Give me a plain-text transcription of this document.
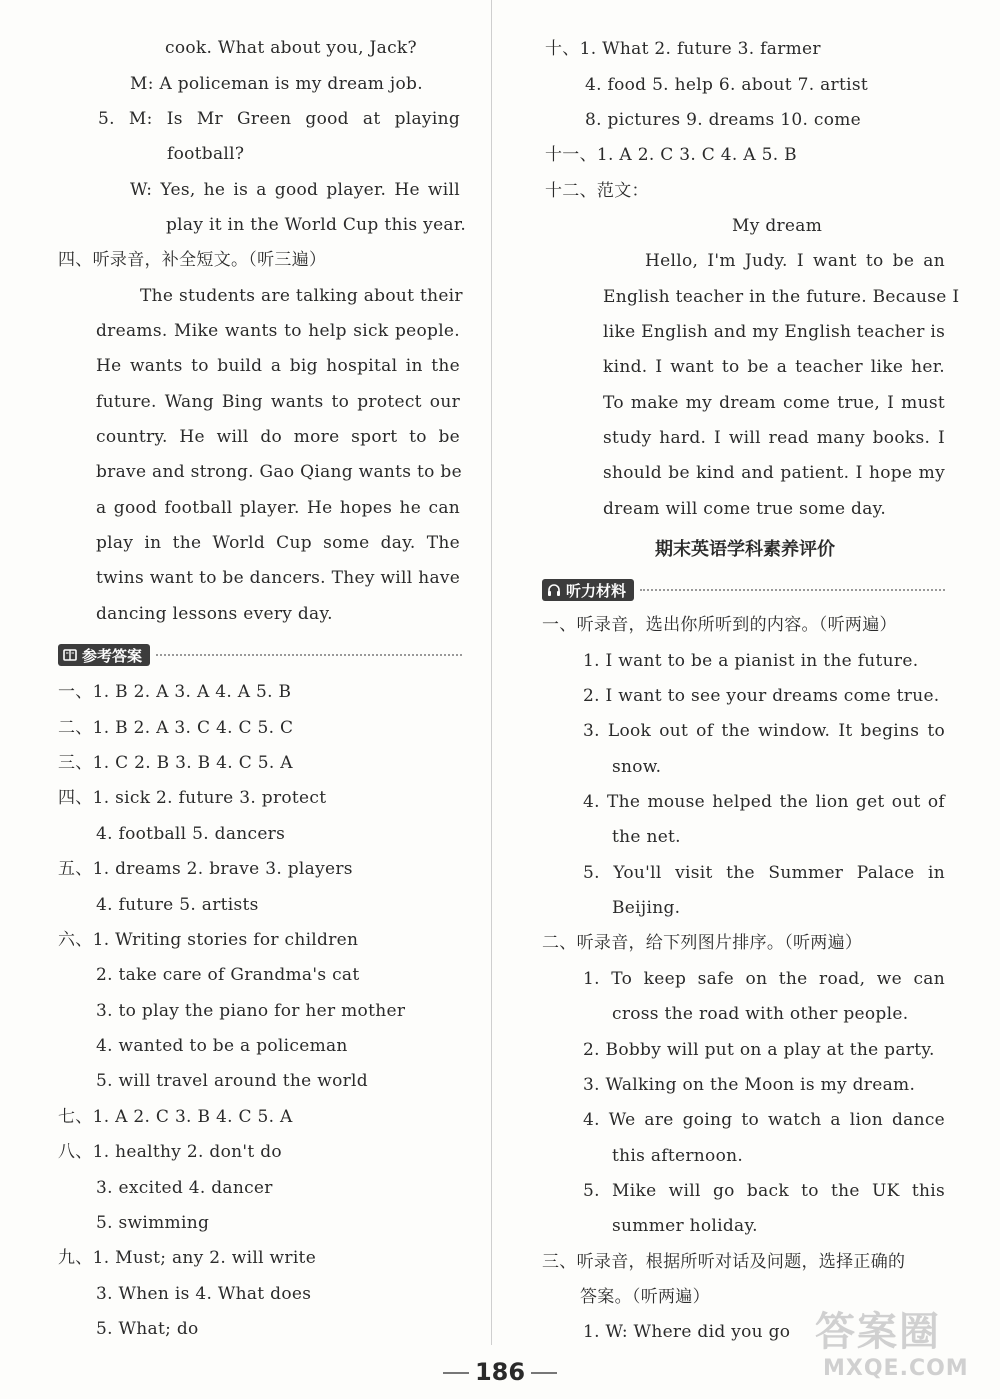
cook. What about you, Jack?
M: A policeman is my dream job.
5. M: Is Mr Green good at playing
football?
W: Yes, he is a good player. He will
play it in the World Cup this year.
四、听录音，补全短文。（听三遍）
The students are talking about their
dreams. Mike wants to help sick people.
He wants to build a big hospital in the
future. Wang Bing wants to protect our
country. He will do more sport to be
brave and strong. Gao Qiang wants to be
a good football player. He hopes he can
play in the World Cup some day. The
twins want to be dancers. They will have
dancing lessons every day.
参考答案
一、1. B 2. A 3. A 4. A 5. B
二、1. B 2. A 3. C 4. C 5. C
三、1. C 2. B 3. B 4. C 5. A
四、1. sick 2. future 3. protect
4. football 5. dancers
五、1. dreams 2. brave 3. players
4. future 5. artists
六、1. Writing stories for children
2. take care of Grandma's cat
3. to play the piano for her mother
4. wanted to be a policeman
5. will travel around the world
七、1. A 2. C 3. B 4. C 5. A
八、1. healthy 2. don't do
3. excited 4. dancer
5. swimming
九、1. Must; any 2. will write
3. When is 4. What does
5. What; do
十、1. What 2. future 3. farmer
4. food 5. help 6. about 7. artist
8. pictures 9. dreams 10. come
十一、1. A 2. C 3. C 4. A 5. B
十二、范文：
My dream
Hello, I'm Judy. I want to be an
English teacher in the future. Because I
like English and my English teacher is
kind. I want to be a teacher like her.
To make my dream come true, I must
study hard. I will read many books. I
should be kind and patient. I hope my
dream will come true some day.
期末英语学科素养评价
听力材料
一、听录音，选出你所听到的内容。（听两遍）
1. I want to be a pianist in the future.
2. I want to see your dreams come true.
3. Look out of the window. It begins to
snow.
4. The mouse helped the lion get out of
the net.
5. You'll visit the Summer Palace in
Beijing.
二、听录音，给下列图片排序。（听两遍）
1. To keep safe on the road, we can
cross the road with other people.
2. Bobby will put on a play at the party.
3. Walking on the Moon is my dream.
4. We are going to watch a lion dance
this afternoon.
5. Mike will go back to the UK this
summer holiday.
三、听录音，根据所听对话及问题，选择正确的
答案。（听两遍）
1. W: Where did you go
186
答案圈
MXQE.COM
